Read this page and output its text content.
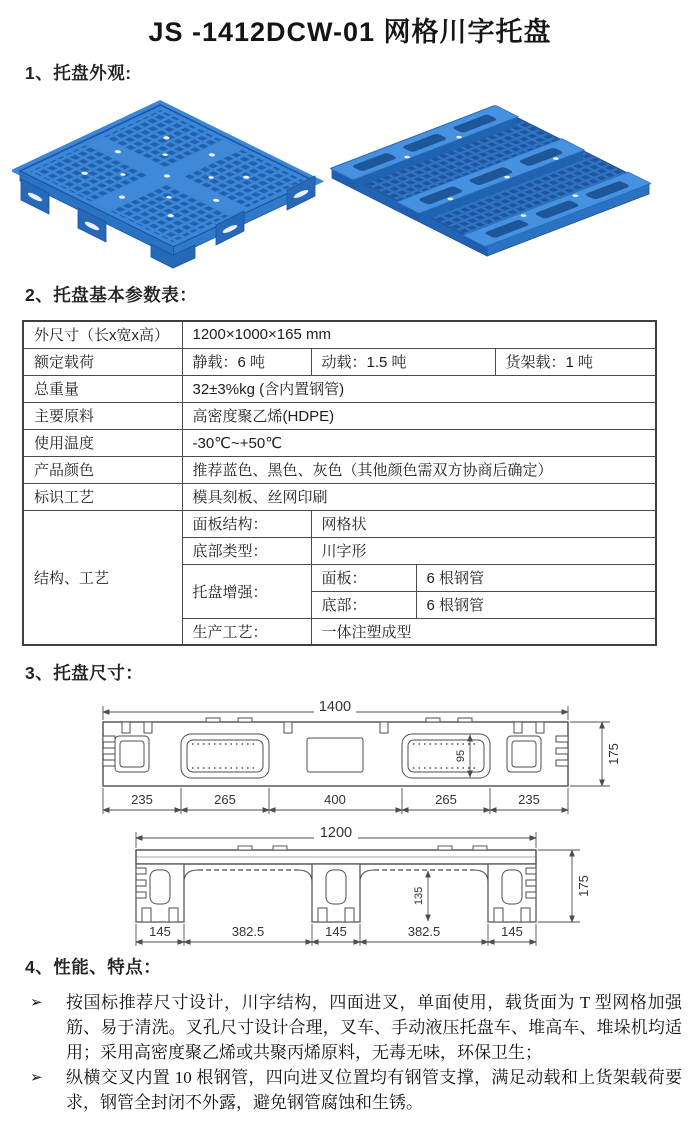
JS -1412DCW-01 网格川字托盘
1、托盘外观:
2、托盘基本参数表：
外尺寸（长x宽x高）	1200×1000×165 mm			
额定载荷	静载：6 吨	动载：1.5 吨		货架载：1 吨
总重量	32±3%kg (含内置钢管)			
主要原料	高密度聚乙烯(HDPE)			
使用温度	-30℃~+50℃			
产品颜色	推荐蓝色、黑色、灰色（其他颜色需双方协商后确定）			
标识工艺	模具刻板、丝网印刷			
结构、工艺	面板结构：	网格状		
	底部类型：	川字形		
	托盘增强：	面板：	6 根钢管	
		底部：	6 根钢管	
	生产工艺：	一体注塑成型		
3、托盘尺寸：
1400
95	175
235	265	400	265	235
1200
135	175
145	382.5	145	382.5	145
4、性能、特点：
➢	按国标推荐尺寸设计，川字结构，四面进叉，单面使用，载货面为 T 型网格加强筋、易于清洗。叉孔尺寸设计合理，叉车、手动液压托盘车、堆高车、堆垛机均适用；采用高密度聚乙烯或共聚丙烯原料，无毒无味，环保卫生；
➢	纵横交叉内置 10 根钢管，四向进叉位置均有钢管支撑，满足动载和上货架载荷要求，钢管全封闭不外露，避免钢管腐蚀和生锈。
